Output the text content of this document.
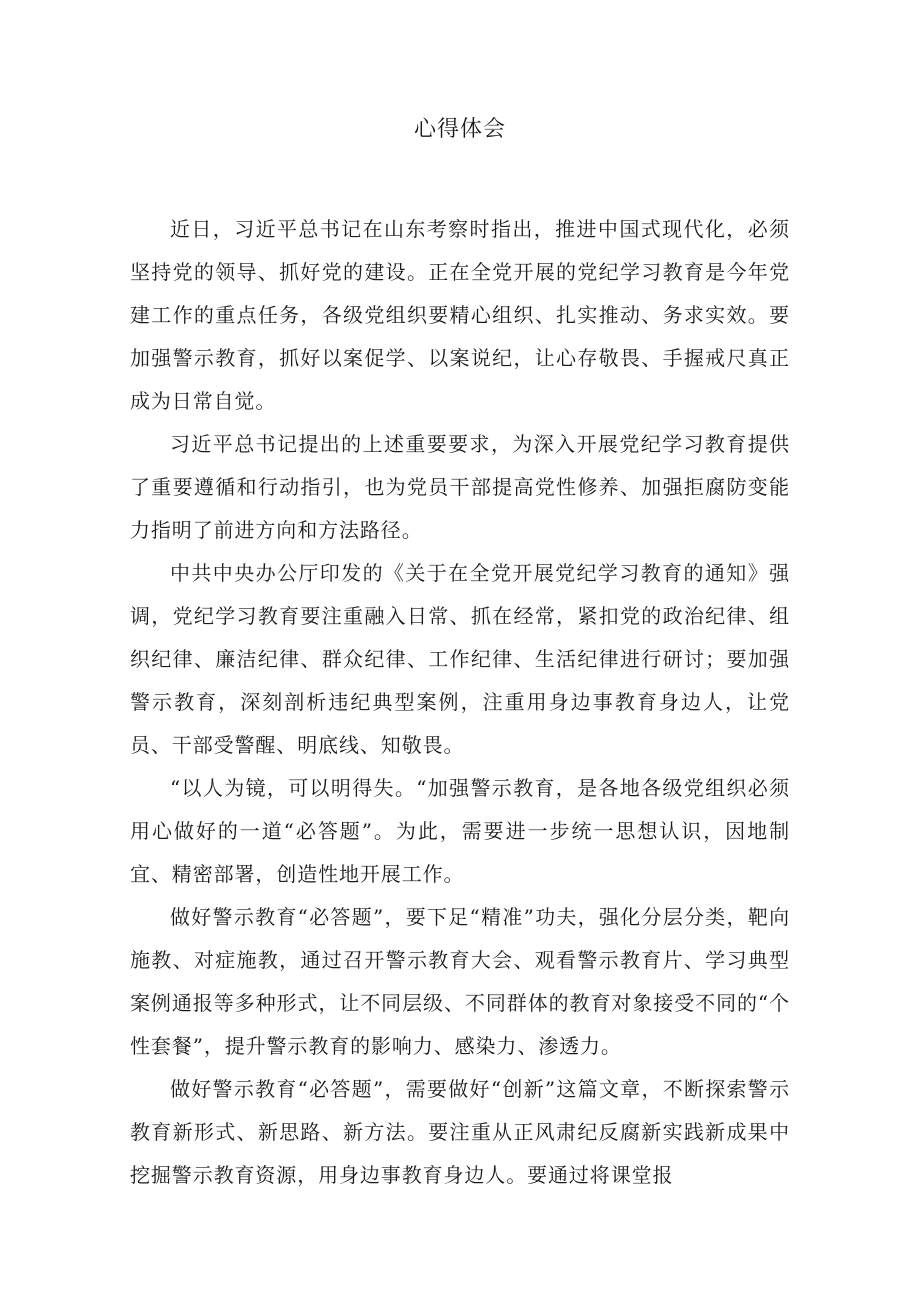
心得体会

近日，习近平总书记在山东考察时指出，推进中国式现代化，必须坚持党的领导、抓好党的建设。正在全党开展的党纪学习教育是今年党建工作的重点任务，各级党组织要精心组织、扎实推动、务求实效。要加强警示教育，抓好以案促学、以案说纪，让心存敬畏、手握戒尺真正成为日常自觉。

习近平总书记提出的上述重要要求，为深入开展党纪学习教育提供了重要遵循和行动指引，也为党员干部提高党性修养、加强拒腐防变能力指明了前进方向和方法路径。

中共中央办公厅印发的《关于在全党开展党纪学习教育的通知》强调，党纪学习教育要注重融入日常、抓在经常，紧扣党的政治纪律、组织纪律、廉洁纪律、群众纪律、工作纪律、生活纪律进行研讨；要加强警示教育，深刻剖析违纪典型案例，注重用身边事教育身边人，让党员、干部受警醒、明底线、知敬畏。

“以人为镜，可以明得失。“加强警示教育，是各地各级党组织必须用心做好的一道“必答题”。为此，需要进一步统一思想认识，因地制宜、精密部署，创造性地开展工作。

做好警示教育“必答题”，要下足“精准”功夫，强化分层分类，靶向施教、对症施教，通过召开警示教育大会、观看警示教育片、学习典型案例通报等多种形式，让不同层级、不同群体的教育对象接受不同的“个性套餐”，提升警示教育的影响力、感染力、渗透力。

做好警示教育“必答题”，需要做好“创新”这篇文章，不断探索警示教育新形式、新思路、新方法。要注重从正风肃纪反腐新实践新成果中挖掘警示教育资源，用身边事教育身边人。要通过将课堂报
